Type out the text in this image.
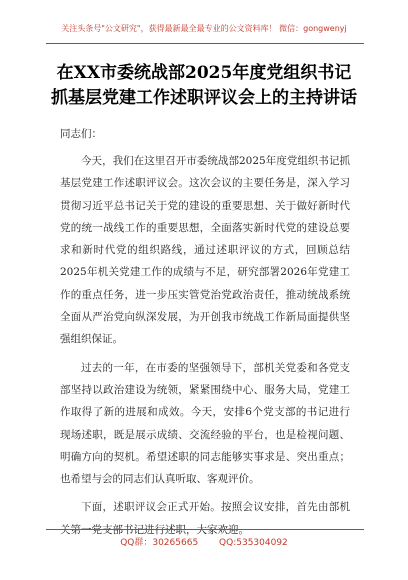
关注头条号"公文研究"，获得最新最全最专业的公文资料库！ 微信：gongwenyj
在XX市委统战部2025年度党组织书记
抓基层党建工作述职评议会上的主持讲话
同志们：

今天，我们在这里召开市委统战部2025年度党组织书记抓基层党建工作述职评议会。这次会议的主要任务是，深入学习贯彻习近平总书记关于党的建设的重要思想、关于做好新时代党的统一战线工作的重要思想，全面落实新时代党的建设总要求和新时代党的组织路线，通过述职评议的方式，回顾总结2025年机关党建工作的成绩与不足，研究部署2026年党建工作的重点任务，进一步压实管党治党政治责任，推动统战系统全面从严治党向纵深发展，为开创我市统战工作新局面提供坚强组织保证。

过去的一年，在市委的坚强领导下，部机关党委和各党支部坚持以政治建设为统领，紧紧围绕中心、服务大局，党建工作取得了新的进展和成效。今天，安排6个党支部的书记进行现场述职，既是展示成绩、交流经验的平台，也是检视问题、明确方向的契机。希望述职的同志能够实事求是、突出重点；也希望与会的同志们认真听取、客观评价。

下面，述职评议会正式开始。按照会议安排，首先由部机关第一党支部书记进行述职，大家欢迎。

QQ群：30265665 QQ:535304092
